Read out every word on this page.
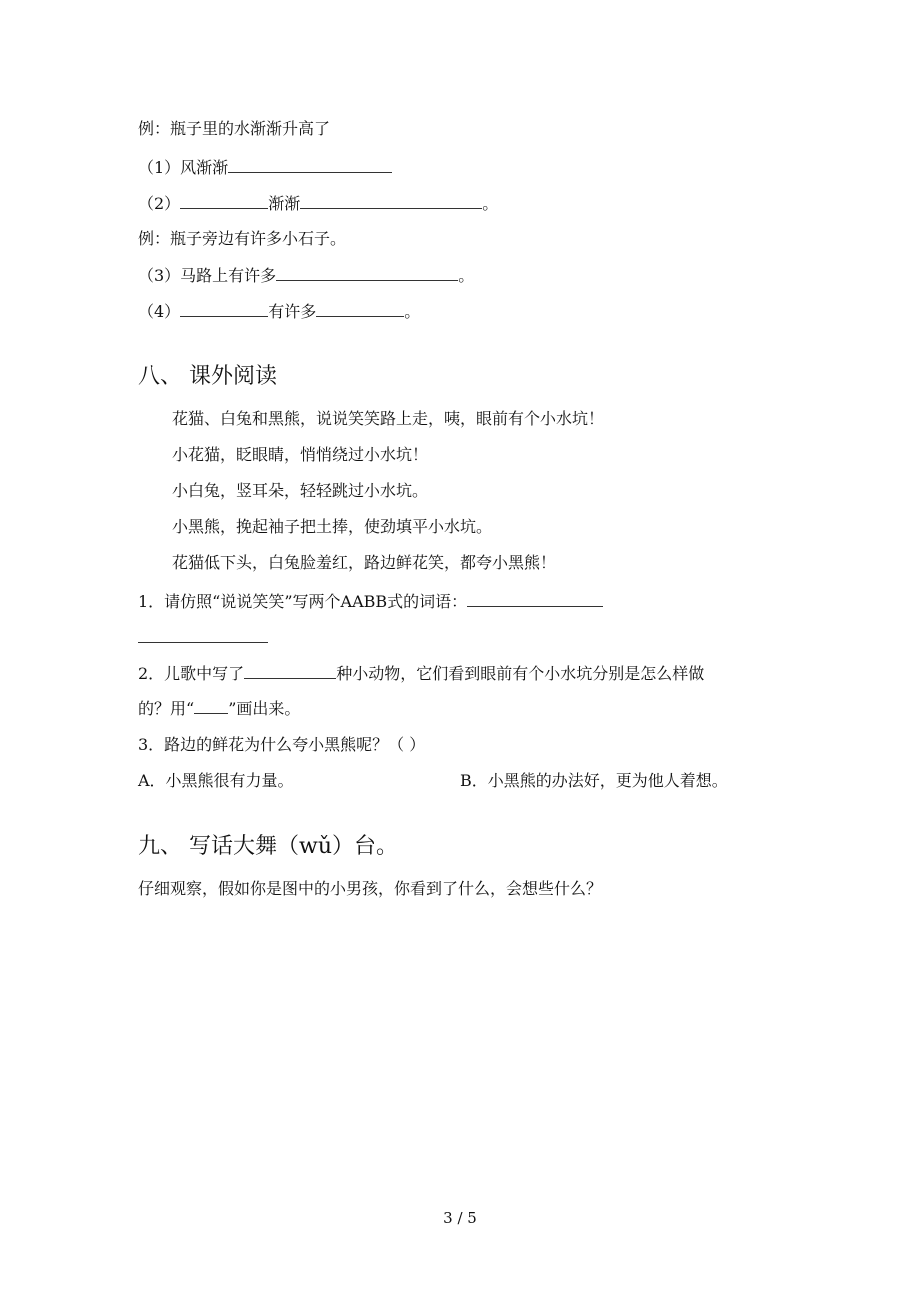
例：瓶子里的水渐渐升高了
（1）风渐渐
（2）	渐渐	。
例：瓶子旁边有许多小石子。
（3）马路上有许多	。
（4）	有许多	。
八、 课外阅读
花猫、白兔和黑熊，说说笑笑路上走，咦，眼前有个小水坑！
小花猫，眨眼睛，悄悄绕过小水坑！
小白兔，竖耳朵，轻轻跳过小水坑。
小黑熊，挽起袖子把土捧，使劲填平小水坑。
花猫低下头，白兔脸羞红，路边鲜花笑，都夸小黑熊！
1．请仿照“说说笑笑”写两个AABB式的词语：
2．儿歌中写了	种小动物，它们看到眼前有个小水坑分别是怎么样做
的？用“ ”画出来。
3．路边的鲜花为什么夸小黑熊呢？（ ）
A．小黑熊很有力量。	B．小黑熊的办法好，更为他人着想。
九、 写话大舞（wǔ）台。
仔细观察，假如你是图中的小男孩，你看到了什么，会想些什么？
3 / 5
